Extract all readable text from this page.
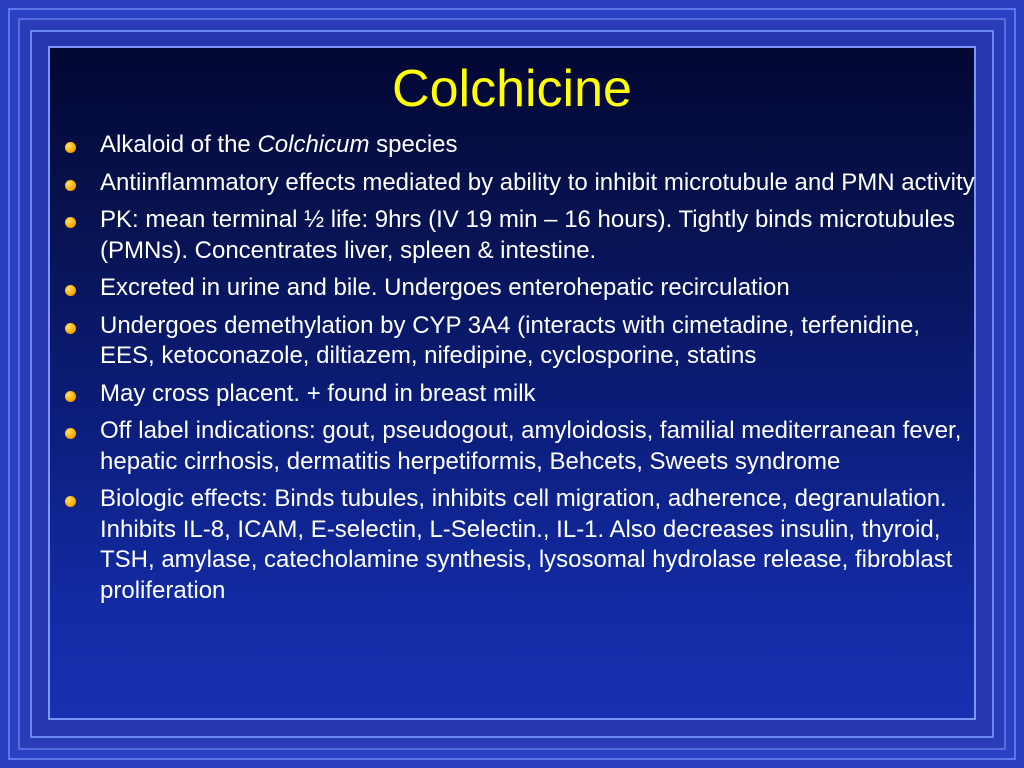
Colchicine
Alkaloid of the Colchicum species
Antiinflammatory effects mediated by ability to inhibit microtubule and PMN activity
PK: mean terminal ½ life: 9hrs (IV 19 min – 16 hours). Tightly binds microtubules (PMNs). Concentrates liver, spleen & intestine.
Excreted in urine and bile. Undergoes enterohepatic recirculation
Undergoes demethylation by CYP 3A4 (interacts with cimetadine, terfenidine, EES, ketoconazole, diltiazem, nifedipine, cyclosporine, statins
May cross placent. + found in breast milk
Off label indications: gout, pseudogout, amyloidosis, familial mediterranean fever, hepatic cirrhosis, dermatitis herpetiformis, Behcets, Sweets syndrome
Biologic effects: Binds tubules, inhibits cell migration, adherence, degranulation. Inhibits IL-8, ICAM, E-selectin, L-Selectin., IL-1. Also decreases insulin, thyroid, TSH, amylase, catecholamine synthesis, lysosomal hydrolase release, fibroblast proliferation
